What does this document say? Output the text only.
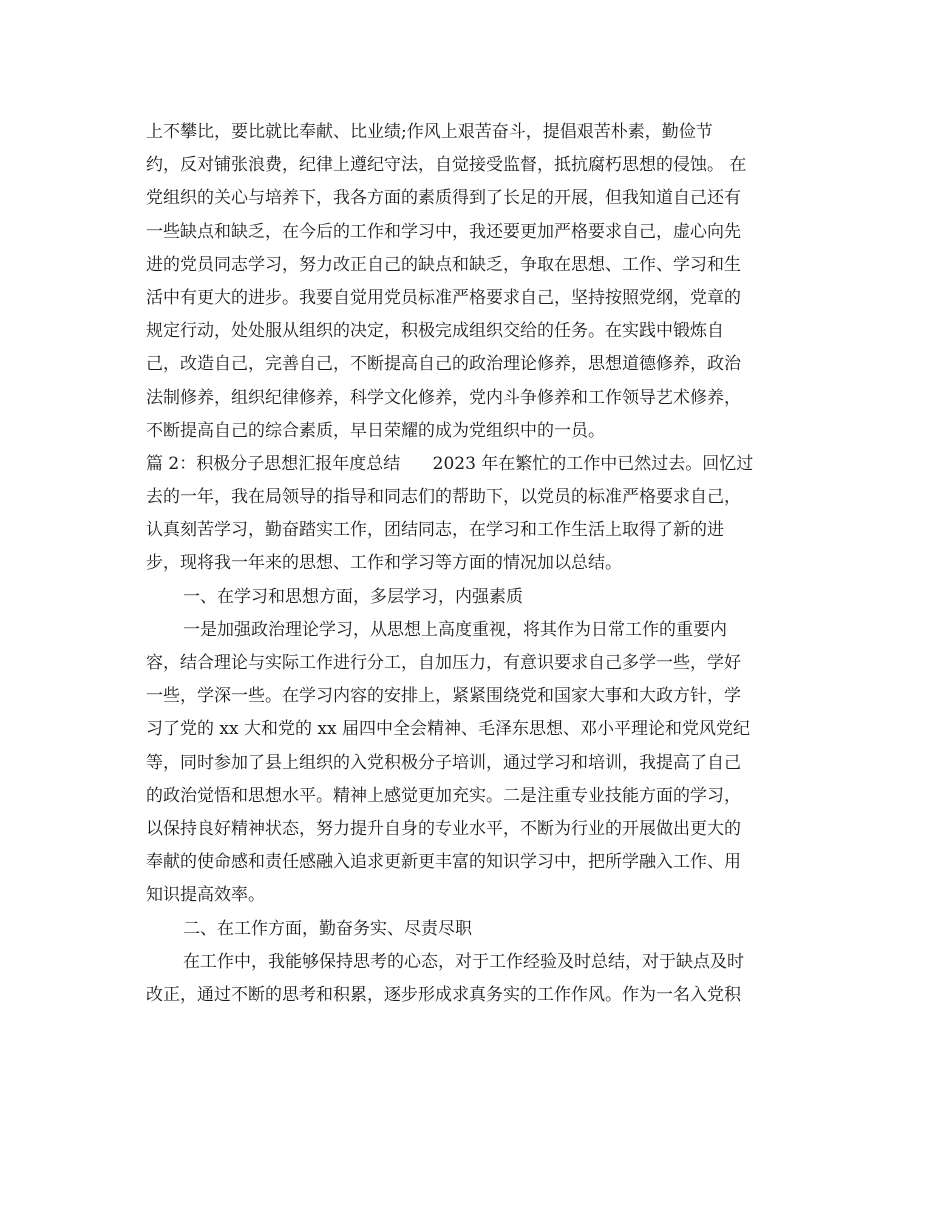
上不攀比，要比就比奉献、比业绩;作风上艰苦奋斗，提倡艰苦朴素，勤俭节
约，反对铺张浪费，纪律上遵纪守法，自觉接受监督，抵抗腐朽思想的侵蚀。 在
党组织的关心与培养下，我各方面的素质得到了长足的开展，但我知道自己还有
一些缺点和缺乏，在今后的工作和学习中，我还要更加严格要求自己，虚心向先
进的党员同志学习，努力改正自己的缺点和缺乏，争取在思想、工作、学习和生
活中有更大的进步。我要自觉用党员标准严格要求自己，坚持按照党纲，党章的
规定行动，处处服从组织的决定，积极完成组织交给的任务。在实践中锻炼自
己，改造自己，完善自己，不断提高自己的政治理论修养，思想道德修养，政治
法制修养，组织纪律修养，科学文化修养，党内斗争修养和工作领导艺术修养，
不断提高自己的综合素质，早日荣耀的成为党组织中的一员。
篇 2：积极分子思想汇报年度总结      2023 年在繁忙的工作中已然过去。回忆过
去的一年，我在局领导的指导和同志们的帮助下，以党员的标准严格要求自己，
认真刻苦学习，勤奋踏实工作，团结同志，在学习和工作生活上取得了新的进
步，现将我一年来的思想、工作和学习等方面的情况加以总结。
一、在学习和思想方面，多层学习，内强素质
一是加强政治理论学习，从思想上高度重视，将其作为日常工作的重要内
容，结合理论与实际工作进行分工，自加压力，有意识要求自己多学一些，学好
一些，学深一些。在学习内容的安排上，紧紧围绕党和国家大事和大政方针，学
习了党的 xx 大和党的 xx 届四中全会精神、毛泽东思想、邓小平理论和党风党纪
等，同时参加了县上组织的入党积极分子培训，通过学习和培训，我提高了自己
的政治觉悟和思想水平。精神上感觉更加充实。二是注重专业技能方面的学习，
以保持良好精神状态，努力提升自身的专业水平，不断为行业的开展做出更大的
奉献的使命感和责任感融入追求更新更丰富的知识学习中，把所学融入工作、用
知识提高效率。
二、在工作方面，勤奋务实、尽责尽职
在工作中，我能够保持思考的心态，对于工作经验及时总结，对于缺点及时
改正，通过不断的思考和积累，逐步形成求真务实的工作作风。作为一名入党积
